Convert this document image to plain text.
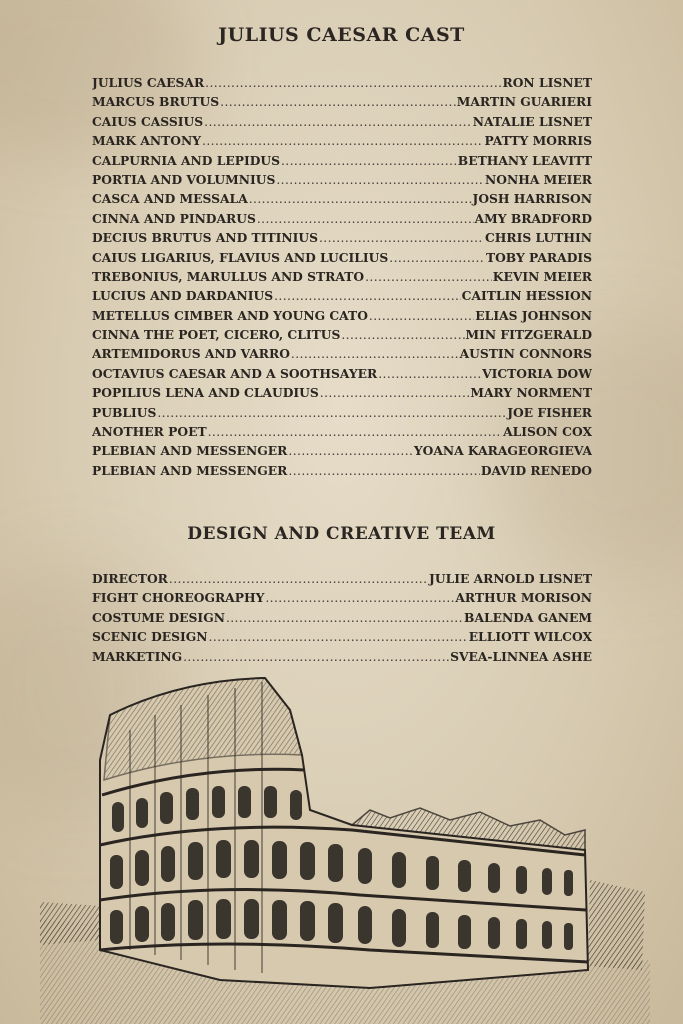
JULIUS CAESAR CAST
JULIUS CAESAR .....	RON LISNET
MARCUS BRUTUS .....	MARTIN GUARIERI
CAIUS CASSIUS .....	NATALIE LISNET
MARK ANTONY .....	PATTY MORRIS
CALPURNIA AND LEPIDUS .....	BETHANY LEAVITT
PORTIA AND VOLUMNIUS .....	NONHA MEIER
CASCA AND MESSALA .....	JOSH HARRISON
CINNA AND PINDARUS .....	AMY BRADFORD
DECIUS BRUTUS AND TITINIUS .....	CHRIS LUTHIN
CAIUS LIGARIUS, FLAVIUS AND LUCILIUS .....	TOBY PARADIS
TREBONIUS, MARULLUS AND STRATO .....	KEVIN MEIER
LUCIUS AND DARDANIUS .....	CAITLIN HESSION
METELLUS CIMBER AND YOUNG CATO .....	ELIAS JOHNSON
CINNA THE POET, CICERO, CLITUS .....	MIN FITZGERALD
ARTEMIDORUS AND VARRO .....	AUSTIN CONNORS
OCTAVIUS CAESAR AND A SOOTHSAYER .....	VICTORIA DOW
POPILIUS LENA AND CLAUDIUS .....	MARY NORMENT
PUBLIUS .....	JOE FISHER
ANOTHER POET .....	ALISON COX
PLEBIAN AND MESSENGER .....	YOANA KARAGEORGIEVA
PLEBIAN AND MESSENGER .....	DAVID RENEDO
DESIGN AND CREATIVE TEAM
DIRECTOR .....	JULIE ARNOLD LISNET
FIGHT CHOREOGRAPHY .....	ARTHUR MORISON
COSTUME DESIGN .....	BALENDA GANEM
SCENIC DESIGN .....	ELLIOTT WILCOX
MARKETING .....	SVEA-LINNEA ASHE
